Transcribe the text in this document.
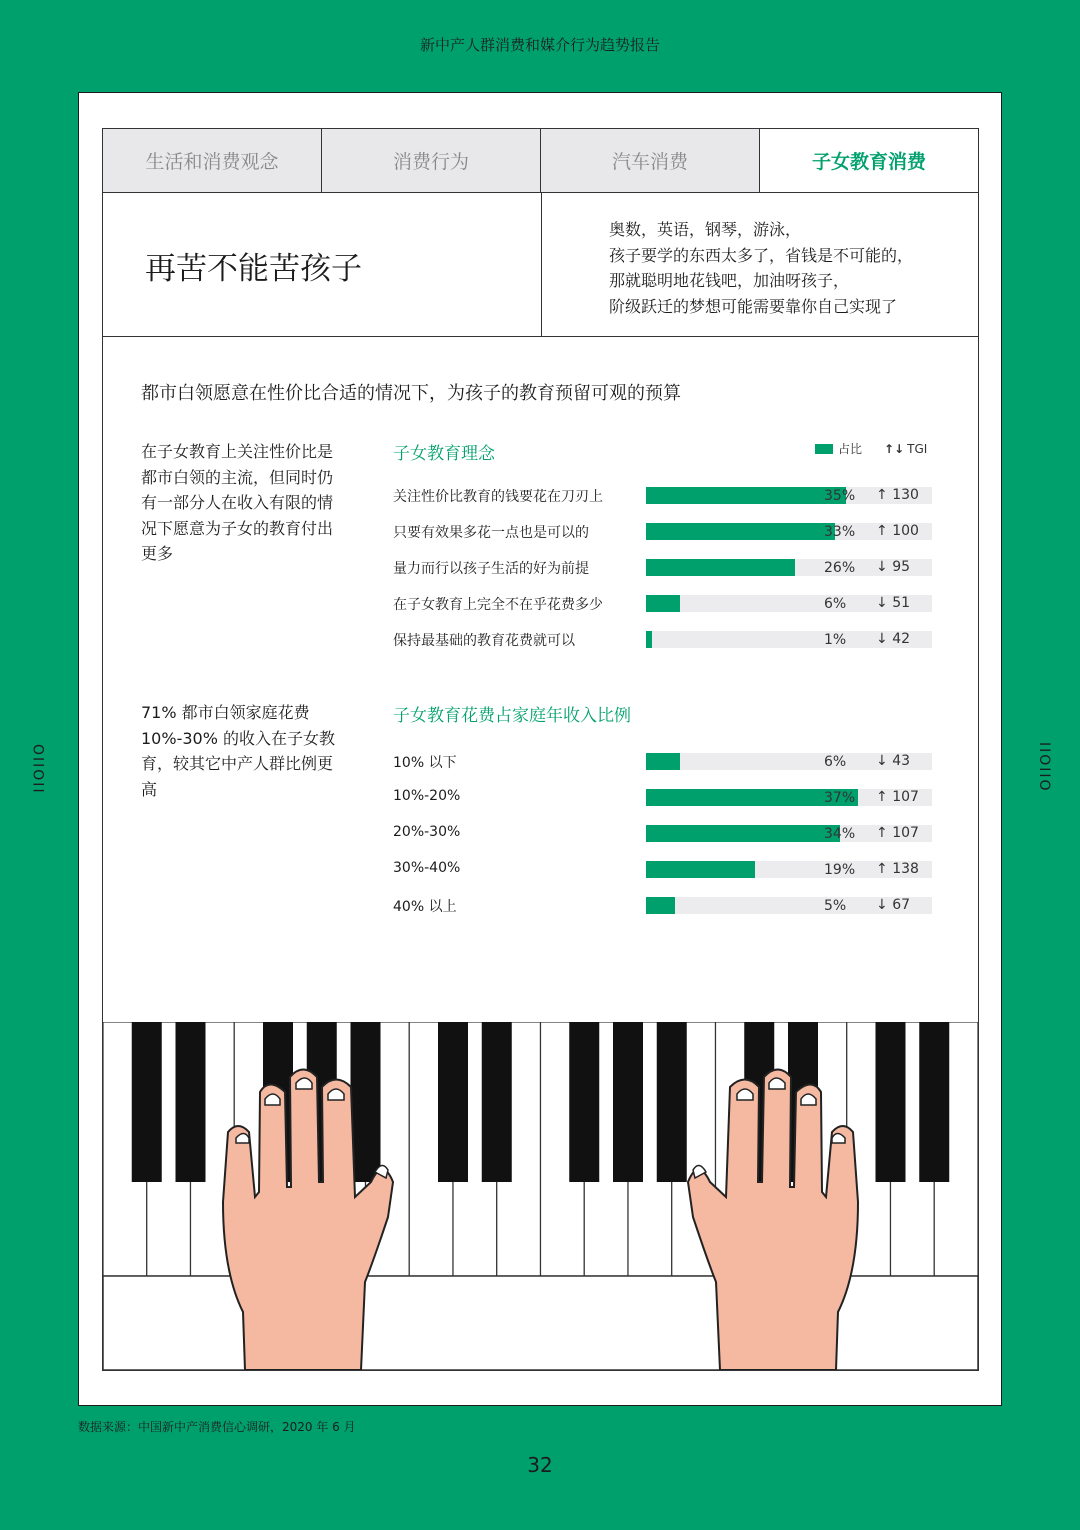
新中产人群消费和媒介行为趋势报告
IIOIIO	IIOIIO
生活和消费观念	消费行为	汽车消费	子女教育消费
再苦不能苦孩子
奥数，英语，钢琴，游泳，
孩子要学的东西太多了，省钱是不可能的，
那就聪明地花钱吧，加油呀孩子，
阶级跃迁的梦想可能需要靠你自己实现了
都市白领愿意在性价比合适的情况下，为孩子的教育预留可观的预算
在子女教育上关注性价比是都市白领的主流，但同时仍有一部分人在收入有限的情况下愿意为子女的教育付出更多
71% 都市白领家庭花费 10%-30% 的收入在子女教育，较其它中产人群比例更高
子女教育理念	占比 ↑↓ TGI
关注性价比教育的钱要花在刀刃上	35% ↑ 130
只要有效果多花一点也是可以的	33% ↑ 100
量力而行以孩子生活的好为前提	26% ↓ 95
在子女教育上完全不在乎花费多少	6% ↓ 51
保持最基础的教育花费就可以	1% ↓ 42
子女教育花费占家庭年收入比例
10% 以下	6% ↓ 43
10%-20%	37% ↑ 107
20%-30%	34% ↑ 107
30%-40%	19% ↑ 138
40% 以上	5% ↓ 67
数据来源：中国新中产消费信心调研，2020 年 6 月
32
